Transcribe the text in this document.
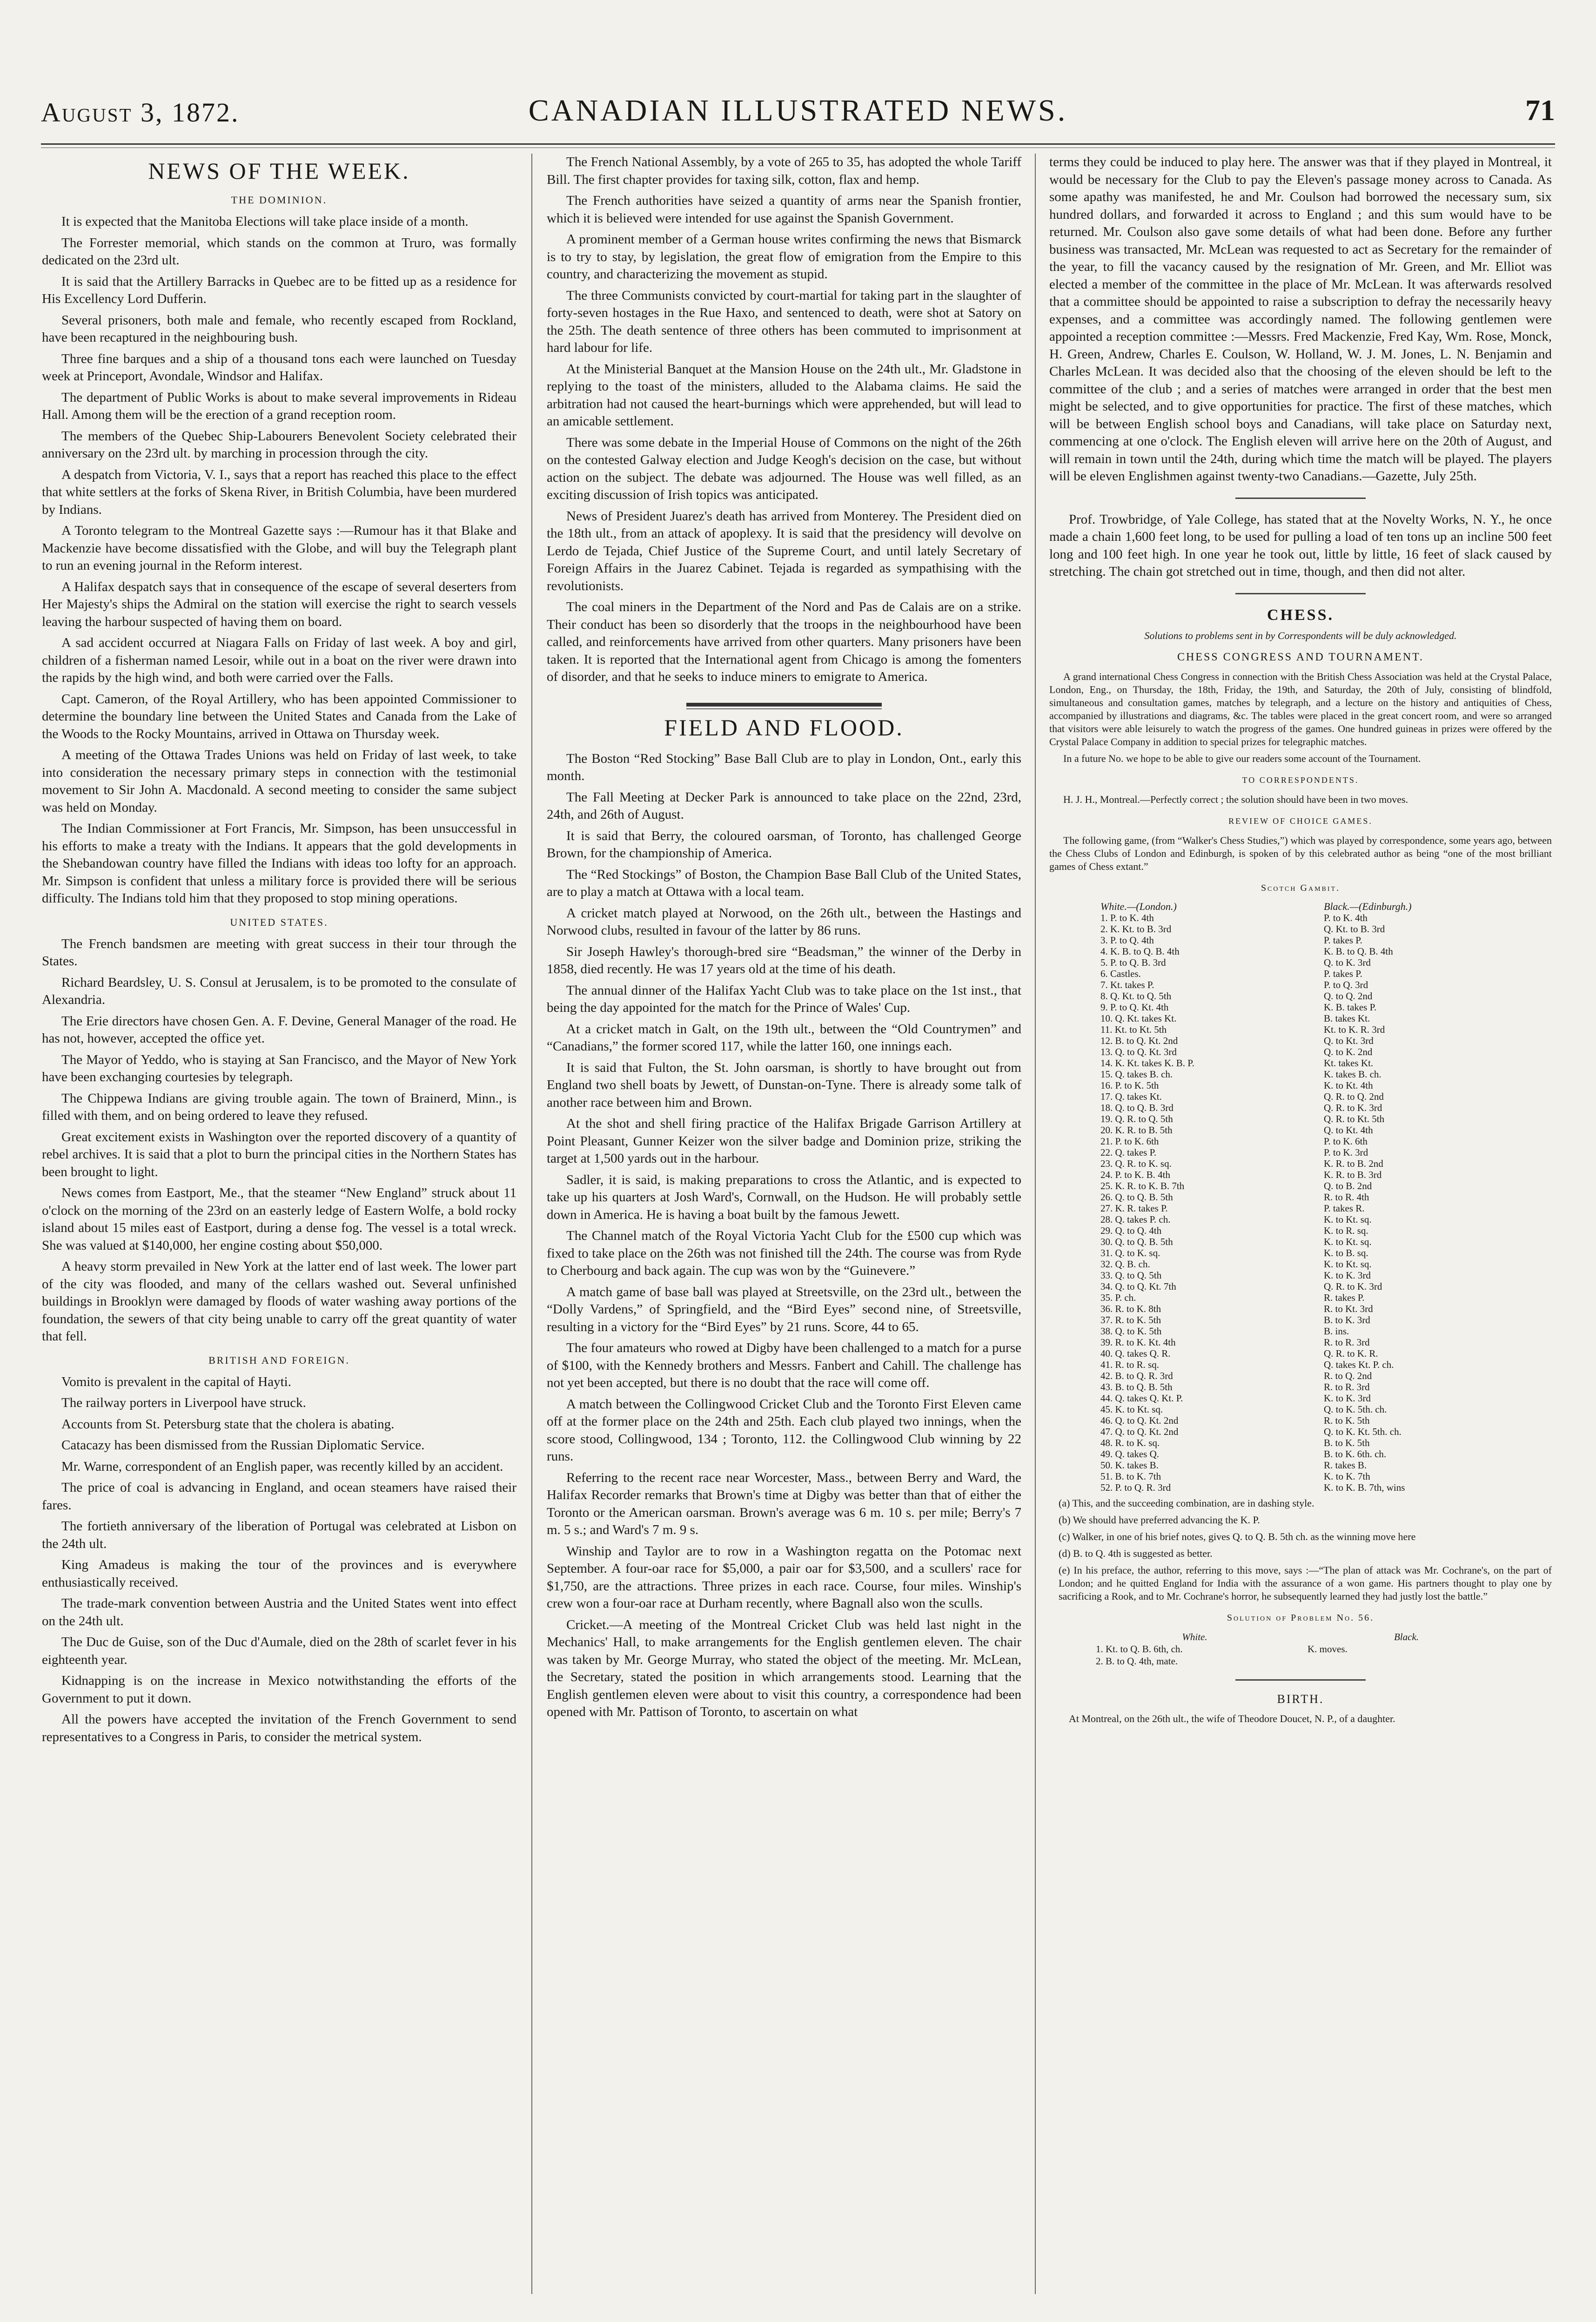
August 3, 1872.	CANADIAN ILLUSTRATED NEWS.	71
NEWS OF THE WEEK.
THE DOMINION.

It is expected that the Manitoba Elections will take place inside of a month.

The Forrester memorial, which stands on the common at Truro, was formally dedicated on the 23rd ult.

It is said that the Artillery Barracks in Quebec are to be fitted up as a residence for His Excellency Lord Dufferin.

Several prisoners, both male and female, who recently escaped from Rockland, have been recaptured in the neighbouring bush.

Three fine barques and a ship of a thousand tons each were launched on Tuesday week at Princeport, Avondale, Windsor and Halifax.

The department of Public Works is about to make several improvements in Rideau Hall. Among them will be the erection of a grand reception room.

The members of the Quebec Ship-Labourers Benevolent Society celebrated their anniversary on the 23rd ult. by marching in procession through the city.

A despatch from Victoria, V. I., says that a report has reached this place to the effect that white settlers at the forks of Skena River, in British Columbia, have been murdered by Indians.

A Toronto telegram to the Montreal Gazette says :—Rumour has it that Blake and Mackenzie have become dissatisfied with the Globe, and will buy the Telegraph plant to run an evening journal in the Reform interest.

A Halifax despatch says that in consequence of the escape of several deserters from Her Majesty's ships the Admiral on the station will exercise the right to search vessels leaving the harbour suspected of having them on board.

A sad accident occurred at Niagara Falls on Friday of last week. A boy and girl, children of a fisherman named Lesoir, while out in a boat on the river were drawn into the rapids by the high wind, and both were carried over the Falls.

Capt. Cameron, of the Royal Artillery, who has been appointed Commissioner to determine the boundary line between the United States and Canada from the Lake of the Woods to the Rocky Mountains, arrived in Ottawa on Thursday week.

A meeting of the Ottawa Trades Unions was held on Friday of last week, to take into consideration the necessary primary steps in connection with the testimonial movement to Sir John A. Macdonald. A second meeting to consider the same subject was held on Monday.

The Indian Commissioner at Fort Francis, Mr. Simpson, has been unsuccessful in his efforts to make a treaty with the Indians. It appears that the gold developments in the Shebandowan country have filled the Indians with ideas too lofty for an approach. Mr. Simpson is confident that unless a military force is provided there will be serious difficulty. The Indians told him that they proposed to stop mining operations.

UNITED STATES.

The French bandsmen are meeting with great success in their tour through the States.

Richard Beardsley, U. S. Consul at Jerusalem, is to be promoted to the consulate of Alexandria.

The Erie directors have chosen Gen. A. F. Devine, General Manager of the road. He has not, however, accepted the office yet.

The Mayor of Yeddo, who is staying at San Francisco, and the Mayor of New York have been exchanging courtesies by telegraph.

The Chippewa Indians are giving trouble again. The town of Brainerd, Minn., is filled with them, and on being ordered to leave they refused.

Great excitement exists in Washington over the reported discovery of a quantity of rebel archives. It is said that a plot to burn the principal cities in the Northern States has been brought to light.

News comes from Eastport, Me., that the steamer “New England” struck about 11 o'clock on the morning of the 23rd on an easterly ledge of Eastern Wolfe, a bold rocky island about 15 miles east of Eastport, during a dense fog. The vessel is a total wreck. She was valued at $140,000, her engine costing about $50,000.

A heavy storm prevailed in New York at the latter end of last week. The lower part of the city was flooded, and many of the cellars washed out. Several unfinished buildings in Brooklyn were damaged by floods of water washing away portions of the foundation, the sewers of that city being unable to carry off the great quantity of water that fell.

BRITISH AND FOREIGN.

Vomito is prevalent in the capital of Hayti.

The railway porters in Liverpool have struck.

Accounts from St. Petersburg state that the cholera is abating.

Catacazy has been dismissed from the Russian Diplomatic Service.

Mr. Warne, correspondent of an English paper, was recently killed by an accident.

The price of coal is advancing in England, and ocean steamers have raised their fares.

The fortieth anniversary of the liberation of Portugal was celebrated at Lisbon on the 24th ult.

King Amadeus is making the tour of the provinces and is everywhere enthusiastically received.

The trade-mark convention between Austria and the United States went into effect on the 24th ult.

The Duc de Guise, son of the Duc d'Aumale, died on the 28th of scarlet fever in his eighteenth year.

Kidnapping is on the increase in Mexico notwithstanding the efforts of the Government to put it down.

All the powers have accepted the invitation of the French Government to send representatives to a Congress in Paris, to consider the metrical system.

The French National Assembly, by a vote of 265 to 35, has adopted the whole Tariff Bill. The first chapter provides for taxing silk, cotton, flax and hemp.

The French authorities have seized a quantity of arms near the Spanish frontier, which it is believed were intended for use against the Spanish Government.

A prominent member of a German house writes confirming the news that Bismarck is to try to stay, by legislation, the great flow of emigration from the Empire to this country, and characterizing the movement as stupid.

The three Communists convicted by court-martial for taking part in the slaughter of forty-seven hostages in the Rue Haxo, and sentenced to death, were shot at Satory on the 25th. The death sentence of three others has been commuted to imprisonment at hard labour for life.

At the Ministerial Banquet at the Mansion House on the 24th ult., Mr. Gladstone in replying to the toast of the ministers, alluded to the Alabama claims. He said the arbitration had not caused the heart-burnings which were apprehended, but will lead to an amicable settlement.

There was some debate in the Imperial House of Commons on the night of the 26th on the contested Galway election and Judge Keogh's decision on the case, but without action on the subject. The debate was adjourned. The House was well filled, as an exciting discussion of Irish topics was anticipated.

News of President Juarez's death has arrived from Monterey. The President died on the 18th ult., from an attack of apoplexy. It is said that the presidency will devolve on Lerdo de Tejada, Chief Justice of the Supreme Court, and until lately Secretary of Foreign Affairs in the Juarez Cabinet. Tejada is regarded as sympathising with the revolutionists.

The coal miners in the Department of the Nord and Pas de Calais are on a strike. Their conduct has been so disorderly that the troops in the neighbourhood have been called, and reinforcements have arrived from other quarters. Many prisoners have been taken. It is reported that the International agent from Chicago is among the fomenters of disorder, and that he seeks to induce miners to emigrate to America.

FIELD AND FLOOD.

The Boston “Red Stocking” Base Ball Club are to play in London, Ont., early this month.

The Fall Meeting at Decker Park is announced to take place on the 22nd, 23rd, 24th, and 26th of August.

It is said that Berry, the coloured oarsman, of Toronto, has challenged George Brown, for the championship of America.

The “Red Stockings” of Boston, the Champion Base Ball Club of the United States, are to play a match at Ottawa with a local team.

A cricket match played at Norwood, on the 26th ult., between the Hastings and Norwood clubs, resulted in favour of the latter by 86 runs.

Sir Joseph Hawley's thorough-bred sire “Beadsman,” the winner of the Derby in 1858, died recently. He was 17 years old at the time of his death.

The annual dinner of the Halifax Yacht Club was to take place on the 1st inst., that being the day appointed for the match for the Prince of Wales' Cup.

At a cricket match in Galt, on the 19th ult., between the “Old Countrymen” and “Canadians,” the former scored 117, while the latter 160, one innings each.

It is said that Fulton, the St. John oarsman, is shortly to have brought out from England two shell boats by Jewett, of Dunstan-on-Tyne. There is already some talk of another race between him and Brown.

At the shot and shell firing practice of the Halifax Brigade Garrison Artillery at Point Pleasant, Gunner Keizer won the silver badge and Dominion prize, striking the target at 1,500 yards out in the harbour.

Sadler, it is said, is making preparations to cross the Atlantic, and is expected to take up his quarters at Josh Ward's, Cornwall, on the Hudson. He will probably settle down in America. He is having a boat built by the famous Jewett.

The Channel match of the Royal Victoria Yacht Club for the £500 cup which was fixed to take place on the 26th was not finished till the 24th. The course was from Ryde to Cherbourg and back again. The cup was won by the “Guinevere.”

A match game of base ball was played at Streetsville, on the 23rd ult., between the “Dolly Vardens,” of Springfield, and the “Bird Eyes” second nine, of Streetsville, resulting in a victory for the “Bird Eyes” by 21 runs. Score, 44 to 65.

The four amateurs who rowed at Digby have been challenged to a match for a purse of $100, with the Kennedy brothers and Messrs. Fanbert and Cahill. The challenge has not yet been accepted, but there is no doubt that the race will come off.

A match between the Collingwood Cricket Club and the Toronto First Eleven came off at the former place on the 24th and 25th. Each club played two innings, when the score stood, Collingwood, 134 ; Toronto, 112. the Collingwood Club winning by 22 runs.

Referring to the recent race near Worcester, Mass., between Berry and Ward, the Halifax Recorder remarks that Brown's time at Digby was better than that of either the Toronto or the American oarsman. Brown's average was 6 m. 10 s. per mile; Berry's 7 m. 5 s.; and Ward's 7 m. 9 s.

Winship and Taylor are to row in a Washington regatta on the Potomac next September. A four-oar race for $5,000, a pair oar for $3,500, and a scullers' race for $1,750, are the attractions. Three prizes in each race. Course, four miles. Winship's crew won a four-oar race at Durham recently, where Bagnall also won the sculls.

Cricket.—A meeting of the Montreal Cricket Club was held last night in the Mechanics' Hall, to make arrangements for the English gentlemen eleven. The chair was taken by Mr. George Murray, who stated the object of the meeting. Mr. McLean, the Secretary, stated the position in which arrangements stood. Learning that the English gentlemen eleven were about to visit this country, a correspondence had been opened with Mr. Pattison of Toronto, to ascertain on what

terms they could be induced to play here. The answer was that if they played in Montreal, it would be necessary for the Club to pay the Eleven's passage money across to Canada. As some apathy was manifested, he and Mr. Coulson had borrowed the necessary sum, six hundred dollars, and forwarded it across to England ; and this sum would have to be returned. Mr. Coulson also gave some details of what had been done. Before any further business was transacted, Mr. McLean was requested to act as Secretary for the remainder of the year, to fill the vacancy caused by the resignation of Mr. Green, and Mr. Elliot was elected a member of the committee in the place of Mr. McLean. It was afterwards resolved that a committee should be appointed to raise a subscription to defray the necessarily heavy expenses, and a committee was accordingly named. The following gentlemen were appointed a reception committee :—Messrs. Fred Mackenzie, Fred Kay, Wm. Rose, Monck, H. Green, Andrew, Charles E. Coulson, W. Holland, W. J. M. Jones, L. N. Benjamin and Charles McLean. It was decided also that the choosing of the eleven should be left to the committee of the club ; and a series of matches were arranged in order that the best men might be selected, and to give opportunities for practice. The first of these matches, which will be between English school boys and Canadians, will take place on Saturday next, commencing at one o'clock. The English eleven will arrive here on the 20th of August, and will remain in town until the 24th, during which time the match will be played. The players will be eleven Englishmen against twenty-two Canadians.—Gazette, July 25th.

Prof. Trowbridge, of Yale College, has stated that at the Novelty Works, N. Y., he once made a chain 1,600 feet long, to be used for pulling a load of ten tons up an incline 500 feet long and 100 feet high. In one year he took out, little by little, 16 feet of slack caused by stretching. The chain got stretched out in time, though, and then did not alter.

CHESS.

Solutions to problems sent in by Correspondents will be duly acknowledged.

CHESS CONGRESS AND TOURNAMENT.

A grand international Chess Congress in connection with the British Chess Association was held at the Crystal Palace, London, Eng., on Thursday, the 18th, Friday, the 19th, and Saturday, the 20th of July, consisting of blindfold, simultaneous and consultation games, matches by telegraph, and a lecture on the history and antiquities of Chess, accompanied by illustrations and diagrams, &c. The tables were placed in the great concert room, and were so arranged that visitors were able leisurely to watch the progress of the games. One hundred guineas in prizes were offered by the Crystal Palace Company in addition to special prizes for telegraphic matches.

In a future No. we hope to be able to give our readers some account of the Tournament.

TO CORRESPONDENTS.

H. J. H., Montreal.—Perfectly correct ; the solution should have been in two moves.

REVIEW OF CHOICE GAMES.

The following game, (from “Walker's Chess Studies,”) which was played by correspondence, some years ago, between the Chess Clubs of London and Edinburgh, is spoken of by this celebrated author as being “one of the most brilliant games of Chess extant.”

Scotch Gambit.
White.—(London.)	Black.—(Edinburgh.)
1. P. to K. 4th	P. to K. 4th
2. K. Kt. to B. 3rd	Q. Kt. to B. 3rd
3. P. to Q. 4th	P. takes P.
4. K. B. to Q. B. 4th	K. B. to Q. B. 4th
5. P. to Q. B. 3rd	Q. to K. 3rd
6. Castles.	P. takes P.
7. Kt. takes P.	P. to Q. 3rd
8. Q. Kt. to Q. 5th	Q. to Q. 2nd
9. P. to Q. Kt. 4th	K. B. takes P.
10. Q. Kt. takes Kt.	B. takes Kt.
11. Kt. to Kt. 5th	Kt. to K. R. 3rd
12. B. to Q. Kt. 2nd	Q. to Kt. 3rd
13. Q. to Q. Kt. 3rd	Q. to K. 2nd
14. K. Kt. takes K. B. P.	Kt. takes Kt.
15. Q. takes B. ch.	K. takes B. ch.
16. P. to K. 5th	K. to Kt. 4th
17. Q. takes Kt.	Q. R. to Q. 2nd
18. Q. to Q. B. 3rd	Q. R. to K. 3rd
19. Q. R. to Q. 5th	Q. R. to Kt. 5th
20. K. R. to B. 5th	Q. to Kt. 4th
21. P. to K. 6th	P. to K. 6th
22. Q. takes P.	P. to K. 3rd
23. Q. R. to K. sq.	K. R. to B. 2nd
24. P. to K. B. 4th	K. R. to B. 3rd
25. K. R. to K. B. 7th	Q. to B. 2nd
26. Q. to Q. B. 5th	R. to R. 4th
27. K. R. takes P.	P. takes R.
28. Q. takes P. ch.	K. to Kt. sq.
29. Q. to Q. 4th	K. to R. sq.
30. Q. to Q. B. 5th	K. to Kt. sq.
31. Q. to K. sq.	K. to B. sq.
32. Q. B. ch.	K. to Kt. sq.
33. Q. to Q. 5th	K. to K. 3rd
34. Q. to Q. Kt. 7th	Q. R. to K. 3rd
35. P. ch.	R. takes P.
36. R. to K. 8th	R. to Kt. 3rd
37. R. to K. 5th	B. to K. 3rd
38. Q. to K. 5th	B. ins.
39. R. to K. Kt. 4th	R. to R. 3rd
40. Q. takes Q. R.	Q. R. to K. R.
41. R. to R. sq.	Q. takes Kt. P. ch.
42. B. to Q. R. 3rd	R. to Q. 2nd
43. B. to Q. B. 5th	R. to R. 3rd
44. Q. takes Q. Kt. P.	K. to K. 3rd
45. K. to Kt. sq.	Q. to K. 5th. ch.
46. Q. to Q. Kt. 2nd	R. to K. 5th
47. Q. to Q. Kt. 2nd	Q. to K. Kt. 5th. ch.
48. R. to K. sq.	B. to K. 5th
49. Q. takes Q.	B. to K. 6th. ch.
50. K. takes B.	R. takes B.
51. B. to K. 7th	K. to K. 7th
52. P. to Q. R. 3rd	K. to K. B. 7th, wins

(a) This, and the succeeding combination, are in dashing style.

(b) We should have preferred advancing the K. P.

(c) Walker, in one of his brief notes, gives Q. to Q. B. 5th ch. as the winning move here

(d) B. to Q. 4th is suggested as better.

(e) In his preface, the author, referring to this move, says :—“The plan of attack was Mr. Cochrane's, on the part of London; and he quitted England for India with the assurance of a won game. His partners thought to play one by sacrificing a Rook, and to Mr. Cochrane's horror, he subsequently learned they had justly lost the battle.”

Solution of Problem No. 56.
White.	Black.
1. Kt. to Q. B. 6th, ch.	K. moves.
2. B. to Q. 4th, mate.
BIRTH.

At Montreal, on the 26th ult., the wife of Theodore Doucet, N. P., of a daughter.
